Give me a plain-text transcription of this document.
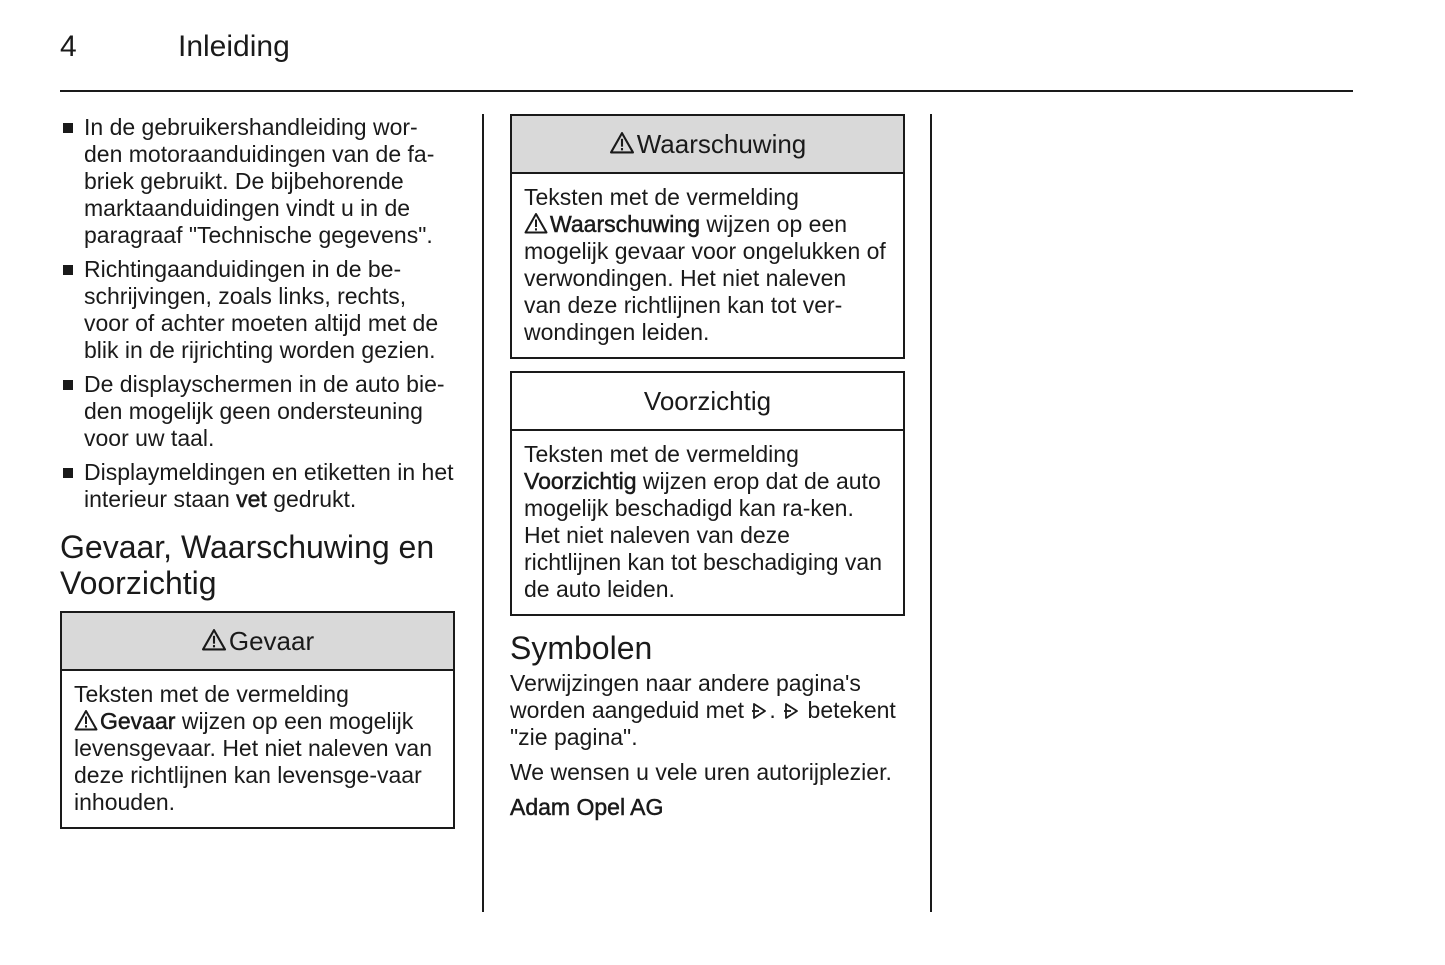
4	Inleiding
In de gebruikershandleiding wor-den motoraanduidingen van de fa-briek gebruikt. De bijbehorende marktaanduidingen vindt u in de paragraaf "Technische gegevens".
Richtingaanduidingen in de be-schrijvingen, zoals links, rechts, voor of achter moeten altijd met de blik in de rijrichting worden gezien.
De displayschermen in de auto bie-den mogelijk geen ondersteuning voor uw taal.
Displaymeldingen en etiketten in het interieur staan vet gedrukt.
Gevaar, Waarschuwing en Voorzichtig
Gevaar
Teksten met de vermelding
Gevaar wijzen op een mogelijk levensgevaar. Het niet naleven van deze richtlijnen kan levensge-vaar inhouden.
Waarschuwing
Teksten met de vermelding
Waarschuwing wijzen op een mogelijk gevaar voor ongelukken of verwondingen. Het niet naleven van deze richtlijnen kan tot ver-wondingen leiden.
Voorzichtig
Teksten met de vermelding
Voorzichtig wijzen erop dat de auto mogelijk beschadigd kan ra-ken. Het niet naleven van deze richtlijnen kan tot beschadiging van de auto leiden.
Symbolen

Verwijzingen naar andere pagina's worden aangeduid met .  betekent "zie pagina".

We wensen u vele uren autorijplezier.

Adam Opel AG
